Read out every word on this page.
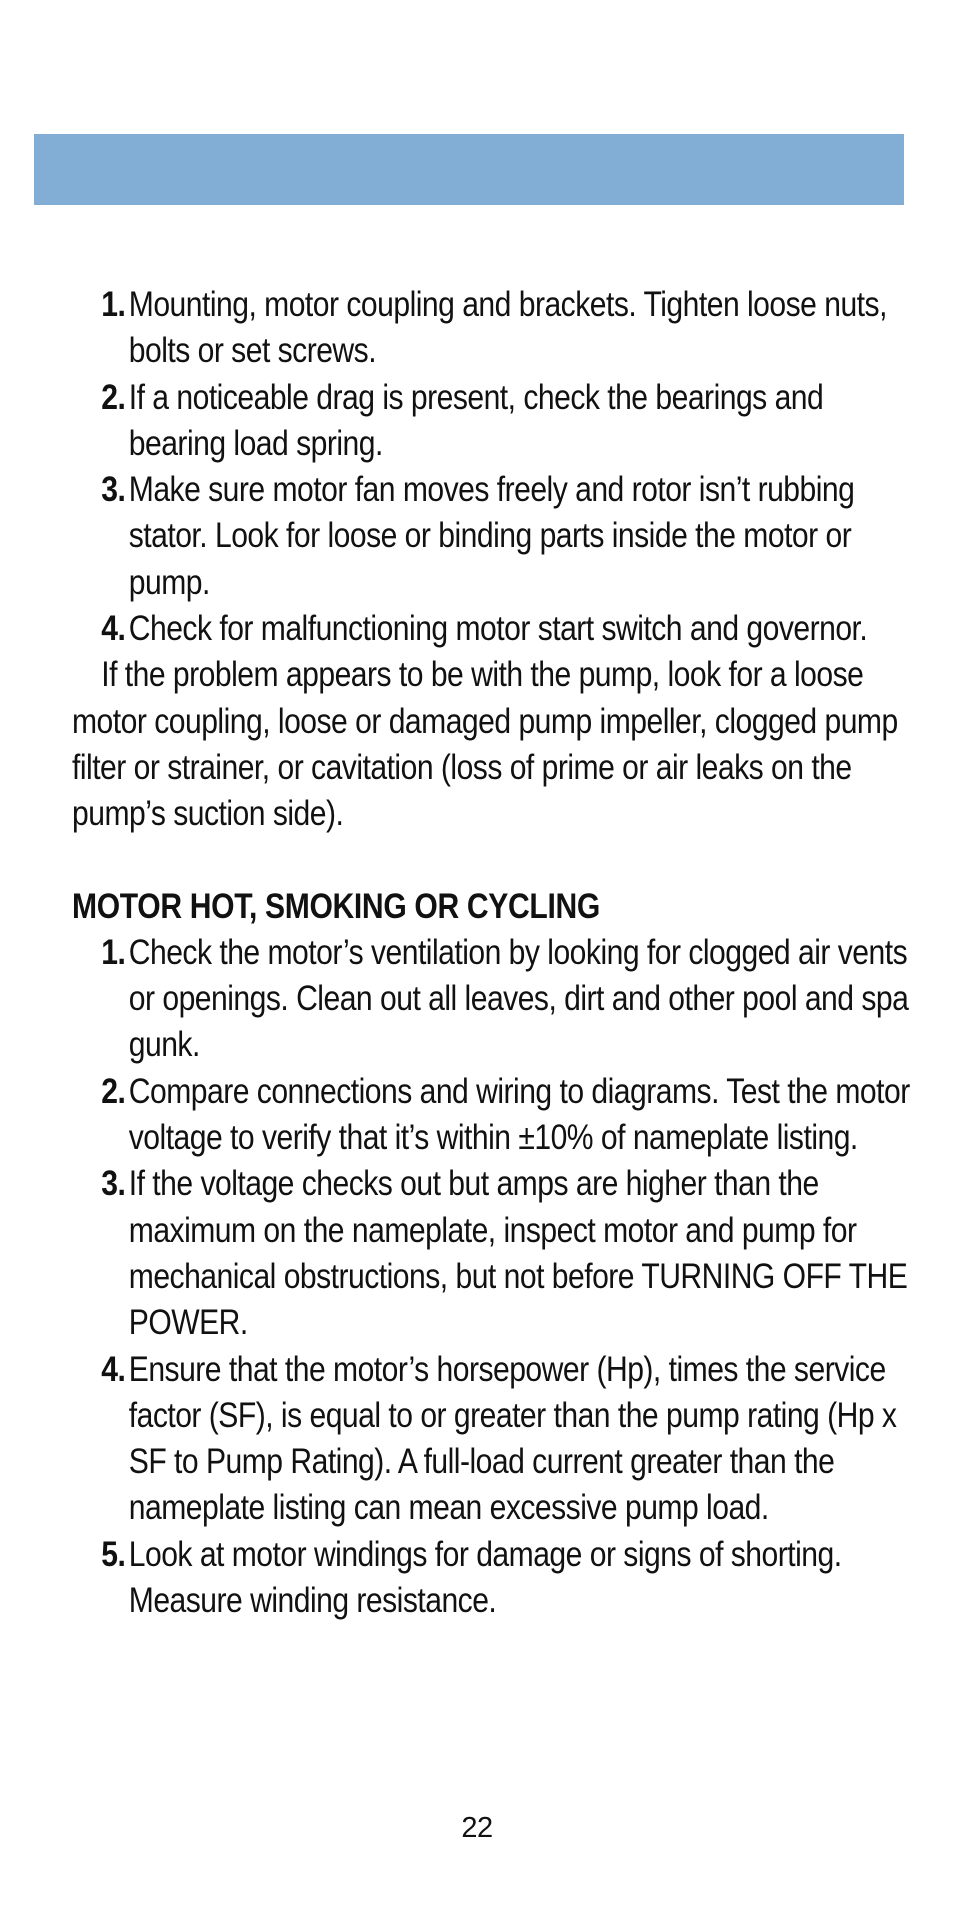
1. Mounting, motor coupling and brackets. Tighten loose nuts, bolts or set screws.
2. If a noticeable drag is present, check the bearings and bearing load spring.
3. Make sure motor fan moves freely and rotor isn’t rubbing stator. Look for loose or binding parts inside the motor or pump.
4. Check for malfunctioning motor start switch and governor.

If the problem appears to be with the pump, look for a loose motor coupling, loose or damaged pump impeller, clogged pump filter or strainer, or cavitation (loss of prime or air leaks on the pump’s suction side).

MOTOR HOT, SMOKING OR CYCLING
1. Check the motor’s ventilation by looking for clogged air vents or openings. Clean out all leaves, dirt and other pool and spa gunk.
2. Compare connections and wiring to diagrams. Test the motor voltage to verify that it’s within ±10% of nameplate listing.
3. If the voltage checks out but amps are higher than the maximum on the nameplate, inspect motor and pump for mechanical obstructions, but not before TURNING OFF THE POWER.
4. Ensure that the motor’s horsepower (Hp), times the service factor (SF), is equal to or greater than the pump rating (Hp x SF to Pump Rating). A full-load current greater than the nameplate listing can mean excessive pump load.
5. Look at motor windings for damage or signs of shorting. Measure winding resistance.
22
